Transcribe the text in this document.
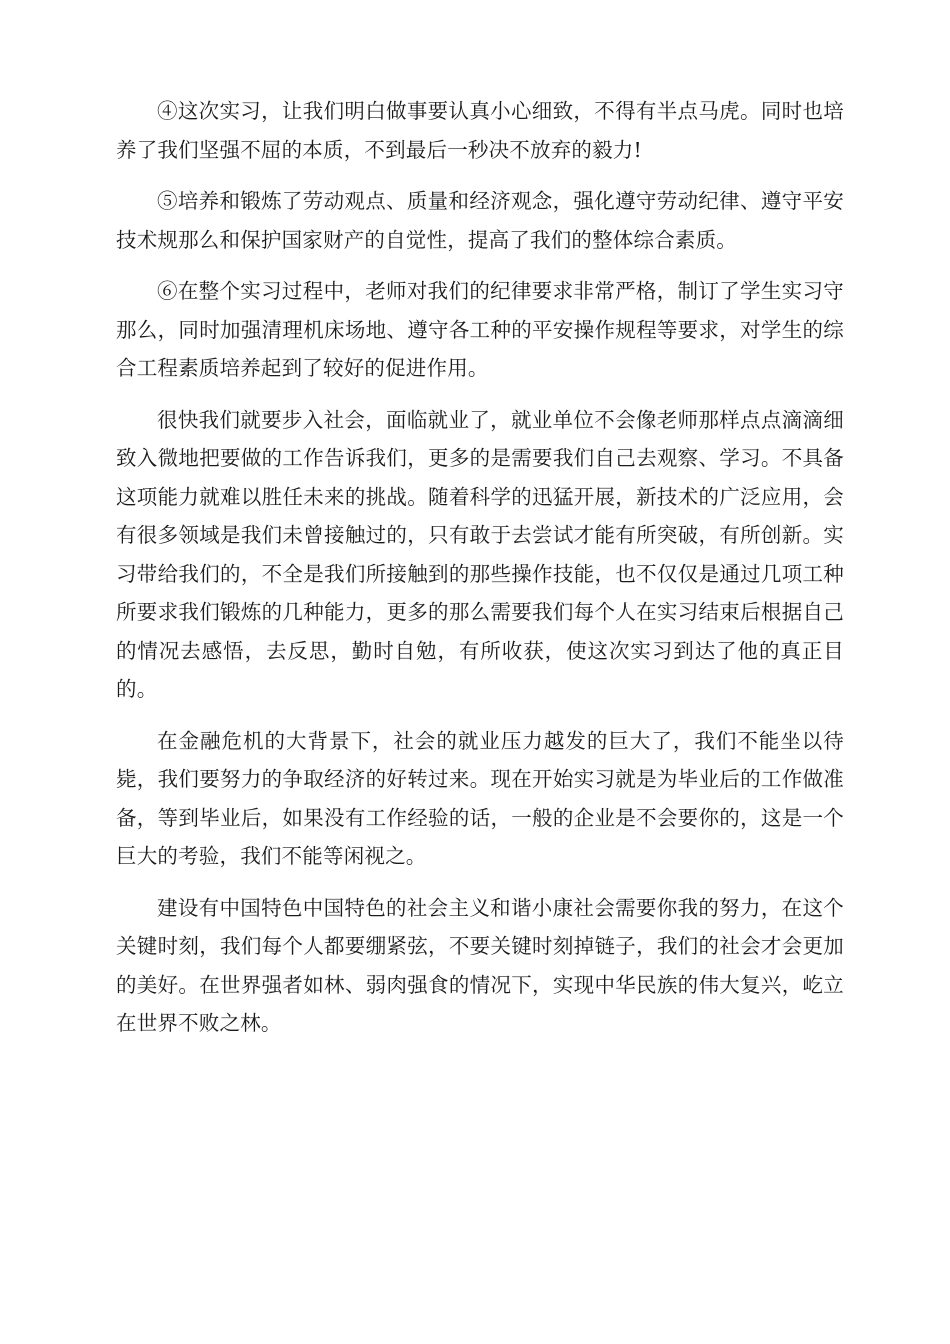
④这次实习，让我们明白做事要认真小心细致，不得有半点马虎。同时也培养了我们坚强不屈的本质，不到最后一秒决不放弃的毅力!

⑤培养和锻炼了劳动观点、质量和经济观念，强化遵守劳动纪律、遵守平安技术规那么和保护国家财产的自觉性，提高了我们的整体综合素质。

⑥在整个实习过程中，老师对我们的纪律要求非常严格，制订了学生实习守那么，同时加强清理机床场地、遵守各工种的平安操作规程等要求，对学生的综合工程素质培养起到了较好的促进作用。

很快我们就要步入社会，面临就业了，就业单位不会像老师那样点点滴滴细致入微地把要做的工作告诉我们，更多的是需要我们自己去观察、学习。不具备这项能力就难以胜任未来的挑战。随着科学的迅猛开展，新技术的广泛应用，会有很多领域是我们未曾接触过的，只有敢于去尝试才能有所突破，有所创新。实习带给我们的，不全是我们所接触到的那些操作技能，也不仅仅是通过几项工种所要求我们锻炼的几种能力，更多的那么需要我们每个人在实习结束后根据自己的情况去感悟，去反思，勤时自勉，有所收获，使这次实习到达了他的真正目的。

在金融危机的大背景下，社会的就业压力越发的巨大了，我们不能坐以待毙，我们要努力的争取经济的好转过来。现在开始实习就是为毕业后的工作做准备，等到毕业后，如果没有工作经验的话，一般的企业是不会要你的，这是一个巨大的考验，我们不能等闲视之。

建设有中国特色中国特色的社会主义和谐小康社会需要你我的努力，在这个关键时刻，我们每个人都要绷紧弦，不要关键时刻掉链子，我们的社会才会更加的美好。在世界强者如林、弱肉强食的情况下，实现中华民族的伟大复兴，屹立在世界不败之林。
